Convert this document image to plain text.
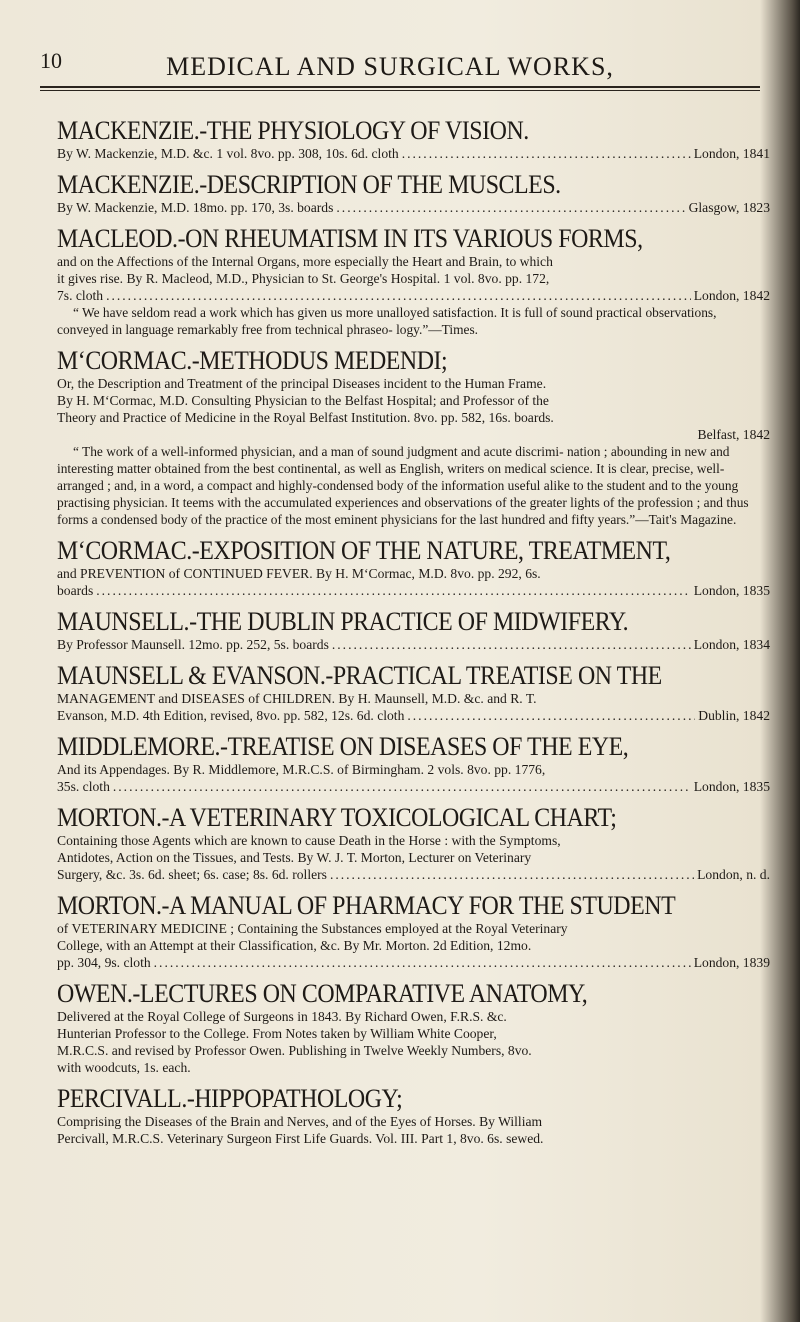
10	MEDICAL AND SURGICAL WORKS,
MACKENZIE.-THE PHYSIOLOGY OF VISION.
By W. Mackenzie, M.D. &c. 1 vol. 8vo. pp. 308, 10s. 6d. cloth .....	London, 1841
MACKENZIE.-DESCRIPTION OF THE MUSCLES.
By W. Mackenzie, M.D. 18mo. pp. 170, 3s. boards .....	Glasgow, 1823
MACLEOD.-ON RHEUMATISM IN ITS VARIOUS FORMS,
and on the Affections of the Internal Organs, more especially the Heart and Brain, to which
it gives rise. By R. Macleod, M.D., Physician to St. George's Hospital. 1 vol. 8vo. pp. 172,
7s. cloth .....	London, 1842

“ We have seldom read a work which has given us more unalloyed satisfaction. It is full of sound practical observations, conveyed in language remarkably free from technical phraseo- logy.”—Times.

M‘CORMAC.-METHODUS MEDENDI;
Or, the Description and Treatment of the principal Diseases incident to the Human Frame.
By H. M‘Cormac, M.D. Consulting Physician to the Belfast Hospital; and Professor of the
Theory and Practice of Medicine in the Royal Belfast Institution. 8vo. pp. 582, 16s. boards.
Belfast, 1842

“ The work of a well-informed physician, and a man of sound judgment and acute discrimi- nation ; abounding in new and interesting matter obtained from the best continental, as well as English, writers on medical science. It is clear, precise, well-arranged ; and, in a word, a compact and highly-condensed body of the information useful alike to the student and to the young practising physician. It teems with the accumulated experiences and observations of the greater lights of the profession ; and thus forms a condensed body of the practice of the most eminent physicians for the last hundred and fifty years.”—Tait's Magazine.

M‘CORMAC.-EXPOSITION OF THE NATURE, TREATMENT,
and PREVENTION of CONTINUED FEVER. By H. M‘Cormac, M.D. 8vo. pp. 292, 6s.
boards .....	London, 1835
MAUNSELL.-THE DUBLIN PRACTICE OF MIDWIFERY.
By Professor Maunsell. 12mo. pp. 252, 5s. boards .....	London, 1834
MAUNSELL & EVANSON.-PRACTICAL TREATISE ON THE
MANAGEMENT and DISEASES of CHILDREN. By H. Maunsell, M.D. &c. and R. T.
Evanson, M.D. 4th Edition, revised, 8vo. pp. 582, 12s. 6d. cloth .....	Dublin, 1842
MIDDLEMORE.-TREATISE ON DISEASES OF THE EYE,
And its Appendages. By R. Middlemore, M.R.C.S. of Birmingham. 2 vols. 8vo. pp. 1776,
35s. cloth .....	London, 1835
MORTON.-A VETERINARY TOXICOLOGICAL CHART;
Containing those Agents which are known to cause Death in the Horse : with the Symptoms,
Antidotes, Action on the Tissues, and Tests. By W. J. T. Morton, Lecturer on Veterinary
Surgery, &c. 3s. 6d. sheet; 6s. case; 8s. 6d. rollers .....	London, n. d.
MORTON.-A MANUAL OF PHARMACY FOR THE STUDENT
of VETERINARY MEDICINE ; Containing the Substances employed at the Royal Veterinary
College, with an Attempt at their Classification, &c. By Mr. Morton. 2d Edition, 12mo.
pp. 304, 9s. cloth .....	London, 1839
OWEN.-LECTURES ON COMPARATIVE ANATOMY,
Delivered at the Royal College of Surgeons in 1843. By Richard Owen, F.R.S. &c.
Hunterian Professor to the College. From Notes taken by William White Cooper,
M.R.C.S. and revised by Professor Owen. Publishing in Twelve Weekly Numbers, 8vo.
with woodcuts, 1s. each.
PERCIVALL.-HIPPOPATHOLOGY;
Comprising the Diseases of the Brain and Nerves, and of the Eyes of Horses. By William
Percivall, M.R.C.S. Veterinary Surgeon First Life Guards. Vol. III. Part 1, 8vo. 6s. sewed.
